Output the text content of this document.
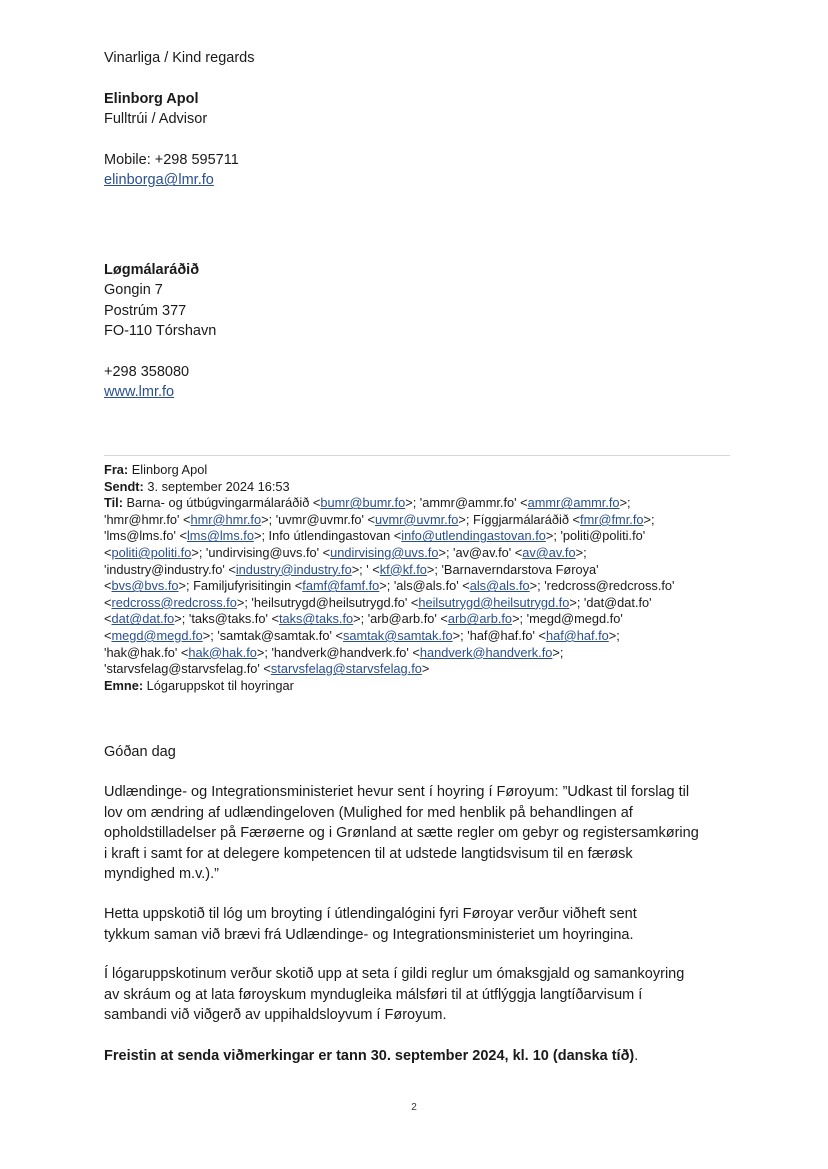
Vinarliga / Kind regards

Elinborg Apol
Fulltrúi / Advisor

Mobile: +298 595711
elinborga@lmr.fo
Løgmálaráðið
Gongin 7
Postrúm 377
FO-110 Tórshavn

+298 358080
www.lmr.fo
Fra: Elinborg Apol
Sendt: 3. september 2024 16:53
Til: Barna- og útbúgvingarmálaráðið <bumr@bumr.fo>; 'ammr@ammr.fo' <ammr@ammr.fo>;
'hmr@hmr.fo' <hmr@hmr.fo>; 'uvmr@uvmr.fo' <uvmr@uvmr.fo>; Fíggjarmálaráðið <fmr@fmr.fo>;
'lms@lms.fo' <lms@lms.fo>; Info útlendingastovan <info@utlendingastovan.fo>; 'politi@politi.fo'
<politi@politi.fo>; 'undirvising@uvs.fo' <undirvising@uvs.fo>; 'av@av.fo' <av@av.fo>;
'industry@industry.fo' <industry@industry.fo>; ' <kf@kf.fo>; 'Barnaverndarstova Føroya'
<bvs@bvs.fo>; Familjufyrisitingin <famf@famf.fo>; 'als@als.fo' <als@als.fo>; 'redcross@redcross.fo'
<redcross@redcross.fo>; 'heilsutrygd@heilsutrygd.fo' <heilsutrygd@heilsutrygd.fo>; 'dat@dat.fo'
<dat@dat.fo>; 'taks@taks.fo' <taks@taks.fo>; 'arb@arb.fo' <arb@arb.fo>; 'megd@megd.fo'
<megd@megd.fo>; 'samtak@samtak.fo' <samtak@samtak.fo>; 'haf@haf.fo' <haf@haf.fo>;
'hak@hak.fo' <hak@hak.fo>; 'handverk@handverk.fo' <handverk@handverk.fo>;
'starvsfelag@starvsfelag.fo' <starvsfelag@starvsfelag.fo>
Emne: Lógaruppskot til hoyringar
Góðan dag
Udlændinge- og Integrationsministeriet hevur sent í hoyring í Føroyum: ”Udkast til forslag til
lov om ændring af udlændingeloven (Mulighed for med henblik på behandlingen af
opholdstilladelser på Færøerne og i Grønland at sætte regler om gebyr og registersamkøring
i kraft i samt for at delegere kompetencen til at udstede langtidsvisum til en færøsk
myndighed m.v.).”
Hetta uppskotið til lóg um broyting í útlendingalógini fyri Føroyar verður viðheft sent
tykkum saman við brævi frá Udlændinge- og Integrationsministeriet um hoyringina.
Í lógaruppskotinum verður skotið upp at seta í gildi reglur um ómaksgjald og samankoyring
av skráum og at lata føroyskum myndugleika málsføri til at útflýggja langtíðarvisum í
sambandi við viðgerð av uppihaldsloyvum í Føroyum.
Freistin at senda viðmerkingar er tann 30. september 2024, kl. 10 (danska tíð).
2
